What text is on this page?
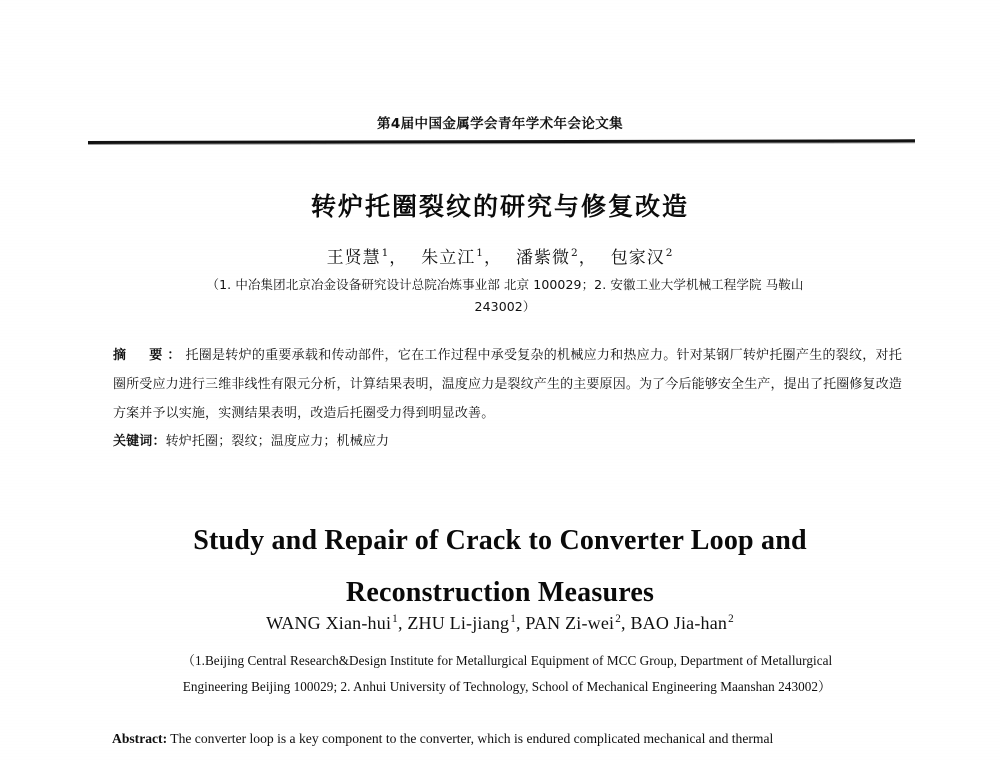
第4届中国金属学会青年学术年会论文集
转炉托圈裂纹的研究与修复改造
王贤慧$^1$， 朱立江$^1$， 潘紫微$^2$， 包家汉$^2$
（1. 中冶集团北京冶金设备研究设计总院冶炼事业部 北京 100029；2. 安徽工业大学机械工程学院 马鞍山
243002）
摘　要：托圈是转炉的重要承载和传动部件，它在工作过程中承受复杂的机械应力和热应力。针对某钢厂转炉托圈产生的裂纹，对托圈所受应力进行三维非线性有限元分析，计算结果表明，温度应力是裂纹产生的主要原因。为了今后能够安全生产，提出了托圈修复改造方案并予以实施，实测结果表明，改造后托圈受力得到明显改善。
关键词：转炉托圈；裂纹；温度应力；机械应力
Study and Repair of Crack to Converter Loop and
Reconstruction Measures
WANG Xian-hui$^1$, ZHU Li-jiang$^1$, PAN Zi-wei$^2$, BAO Jia-han$^2$
（1.Beijing Central Research&Design Institute for Metallurgical Equipment of MCC Group, Department of Metallurgical
Engineering Beijing 100029; 2. Anhui University of Technology, School of Mechanical Engineering Maanshan 243002）
Abstract: The converter loop is a key component to the converter, which is endured complicated mechanical and thermal
